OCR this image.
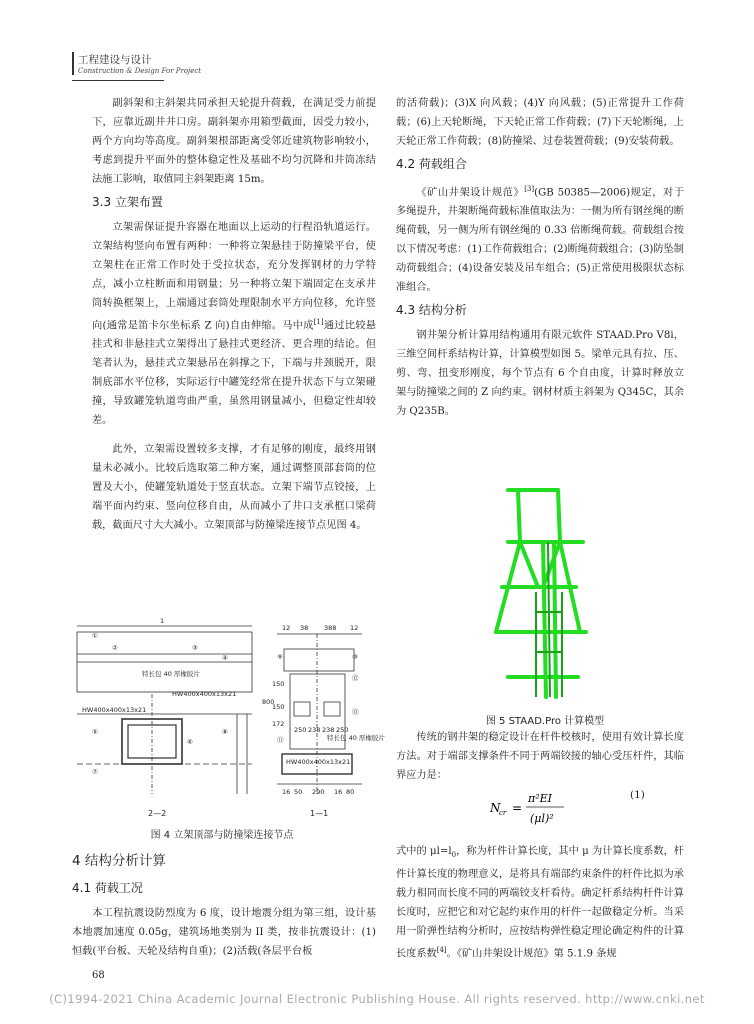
工程建设与设计
Construction & Design For Project

副斜架和主斜架共同承担天轮提升荷载，在满足受力前提下，应靠近副井井口房。副斜架亦用箱型截面，因受力较小，两个方向均等高度。副斜架根部距离受邻近建筑物影响较小，考虑到提升平面外的整体稳定性及基础不均匀沉降和井筒冻结法施工影响，取值同主斜架距离 15m。

3.3 立架布置

立架需保证提升容器在地面以上运动的行程沿轨道运行。立架结构竖向布置有两种：一种将立架悬挂于防撞梁平台，使立架柱在正常工作时处于受拉状态，充分发挥钢材的力学特点，减小立柱断面和用钢量；另一种将立架下端固定在支承井筒转换框架上，上端通过套筒处理限制水平方向位移，允许竖向(通常是笛卡尔坐标系 Z 向)自由伸缩。马中成[1]通过比较悬挂式和非悬挂式立架得出了悬挂式更经济、更合理的结论。但笔者认为，悬挂式立架悬吊在斜撑之下，下端与井颈脱开，限制底部水平位移，实际运行中罐笼经常在提升状态下与立架碰撞，导致罐笼轨道弯曲严重，虽然用钢量减小，但稳定性却较差。

此外，立架需设置较多支撑，才有足够的刚度，最终用钢量未必减小。比较后选取第二种方案，通过调整顶部套筒的位置及大小，使罐笼轨道处于竖直状态。立架下端节点铰接，上端平面内约束、竖向位移自由，从而减小了井口支承框口梁荷载，截面尺寸大大减小。立架顶部与防撞梁连接节点见图 4。

1
特长包 40 厚橡胶片
HW400x400x13x21
HW400x400x13x21
HW400x400x13x21
特长包 40 厚橡胶片
12 38 388 12
150
150
172
800
250 238 238 250
16 50 290 16 80
①
②	③
④
⑤
⑥
⑦
⑧
⑨	⑩
⑪
⑫
⑬
2—2	1—1
图 4 立架顶部与防撞梁连接节点
4 结构分析计算
4.1 荷载工况

本工程抗震设防烈度为 6 度，设计地震分组为第三组，设计基本地震加速度 0.05g，建筑场地类别为 II 类，按非抗震设计：(1)恒载(平台板、天轮及结构自重)；(2)活载(各层平台板

的活荷载)；(3)X 向风载；(4)Y 向风载；(5)正常提升工作荷载；(6)上天轮断绳，下天轮正常工作荷载；(7)下天轮断绳，上天轮正常工作荷载；(8)防撞梁、过卷装置荷载；(9)安装荷载。

4.2 荷载组合

《矿山井架设计规范》[3](GB 50385—2006)规定，对于多绳提升，井架断绳荷载标准值取法为：一侧为所有钢丝绳的断绳荷载，另一侧为所有钢丝绳的 0.33 倍断绳荷载。荷载组合按以下情况考虑：(1)工作荷载组合；(2)断绳荷载组合；(3)防坠制动荷载组合；(4)设备安装及吊车组合；(5)正常使用极限状态标准组合。

4.3 结构分析

钢井架分析计算用结构通用有限元软件 STAAD.Pro V8i，三维空间杆系结构计算，计算模型如图 5。梁单元具有拉、压、剪、弯、扭变形刚度，每个节点有 6 个自由度，计算时释放立架与防撞梁之间的 Z 向约束。钢材材质主斜架为 Q345C，其余为 Q235B。

图 5 STAAD.Pro 计算模型

传统的钢井架的稳定设计在杆件校核时，使用有效计算长度方法。对于端部支撑条件不同于两端铰接的轴心受压杆件，其临界应力是：

N
cr =
π²EI
(μl)²
(1)

式中的 $\mu l=l_0$，称为杆件计算长度，其中 μ 为计算长度系数，杆件计算长度的物理意义，是将具有端部约束条件的杆件比拟为承载力相同而长度不同的两端铰支杆看待。确定杆系结构杆件计算长度时，应把它和对它起约束作用的杆件一起做稳定分析。当采用一阶弹性结构分析时，应按结构弹性稳定理论确定构件的计算长度系数[4]。《矿山井架设计规范》第 5.1.9 条规

68
(C)1994-2021 China Academic Journal Electronic Publishing House. All rights reserved. http://www.cnki.net
